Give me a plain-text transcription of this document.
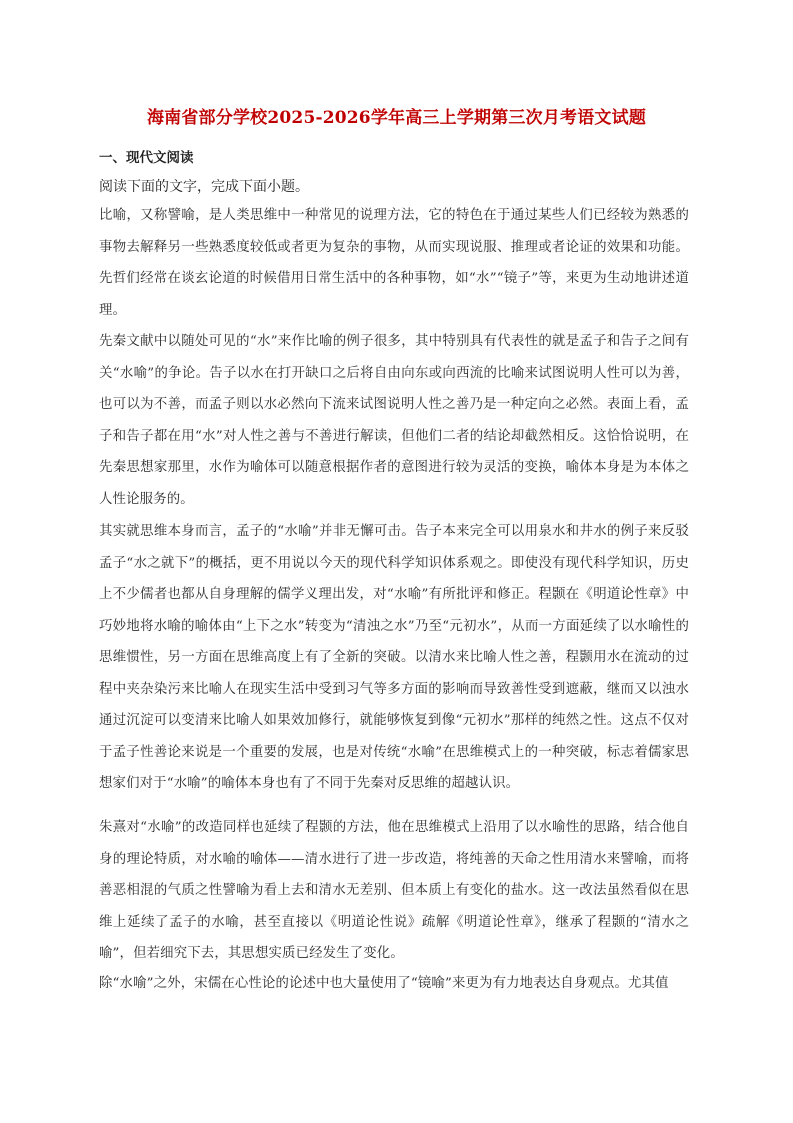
海南省部分学校2025-2026学年高三上学期第三次月考语文试题
一、现代文阅读
阅读下面的文字，完成下面小题。

比喻，又称譬喻，是人类思维中一种常见的说理方法，它的特色在于通过某些人们已经较为熟悉的事物去解释另一些熟悉度较低或者更为复杂的事物，从而实现说服、推理或者论证的效果和功能。先哲们经常在谈玄论道的时候借用日常生活中的各种事物，如“水”“镜子”等，来更为生动地讲述道理。

先秦文献中以随处可见的“水”来作比喻的例子很多，其中特别具有代表性的就是孟子和告子之间有关“水喻”的争论。告子以水在打开缺口之后将自由向东或向西流的比喻来试图说明人性可以为善，也可以为不善，而孟子则以水必然向下流来试图说明人性之善乃是一种定向之必然。表面上看，孟子和告子都在用“水”对人性之善与不善进行解读，但他们二者的结论却截然相反。这恰恰说明，在先秦思想家那里，水作为喻体可以随意根据作者的意图进行较为灵活的变换，喻体本身是为本体之人性论服务的。

其实就思维本身而言，孟子的“水喻”并非无懈可击。告子本来完全可以用泉水和井水的例子来反驳孟子“水之就下”的概括，更不用说以今天的现代科学知识体系观之。即使没有现代科学知识，历史上不少儒者也都从自身理解的儒学义理出发，对“水喻”有所批评和修正。程颢在《明道论性章》中巧妙地将水喻的喻体由“上下之水”转变为“清浊之水”乃至“元初水”，从而一方面延续了以水喻性的思维惯性，另一方面在思维高度上有了全新的突破。以清水来比喻人性之善，程颢用水在流动的过程中夹杂染污来比喻人在现实生活中受到习气等多方面的影响而导致善性受到遮蔽，继而又以浊水通过沉淀可以变清来比喻人如果效加修行，就能够恢复到像“元初水”那样的纯然之性。这点不仅对于孟子性善论来说是一个重要的发展，也是对传统“水喻”在思维模式上的一种突破，标志着儒家思想家们对于“水喻”的喻体本身也有了不同于先秦对反思维的超越认识。

朱熹对“水喻”的改造同样也延续了程颢的方法，他在思维模式上沿用了以水喻性的思路，结合他自身的理论特质，对水喻的喻体——清水进行了进一步改造，将纯善的天命之性用清水来譬喻，而将善恶相混的气质之性譬喻为看上去和清水无差别、但本质上有变化的盐水。这一改法虽然看似在思维上延续了孟子的水喻，甚至直接以《明道论性说》疏解《明道论性章》，继承了程颢的“清水之喻”，但若细究下去，其思想实质已经发生了变化。

除“水喻”之外，宋儒在心性论的论述中也大量使用了“镜喻”来更为有力地表达自身观点。尤其值
